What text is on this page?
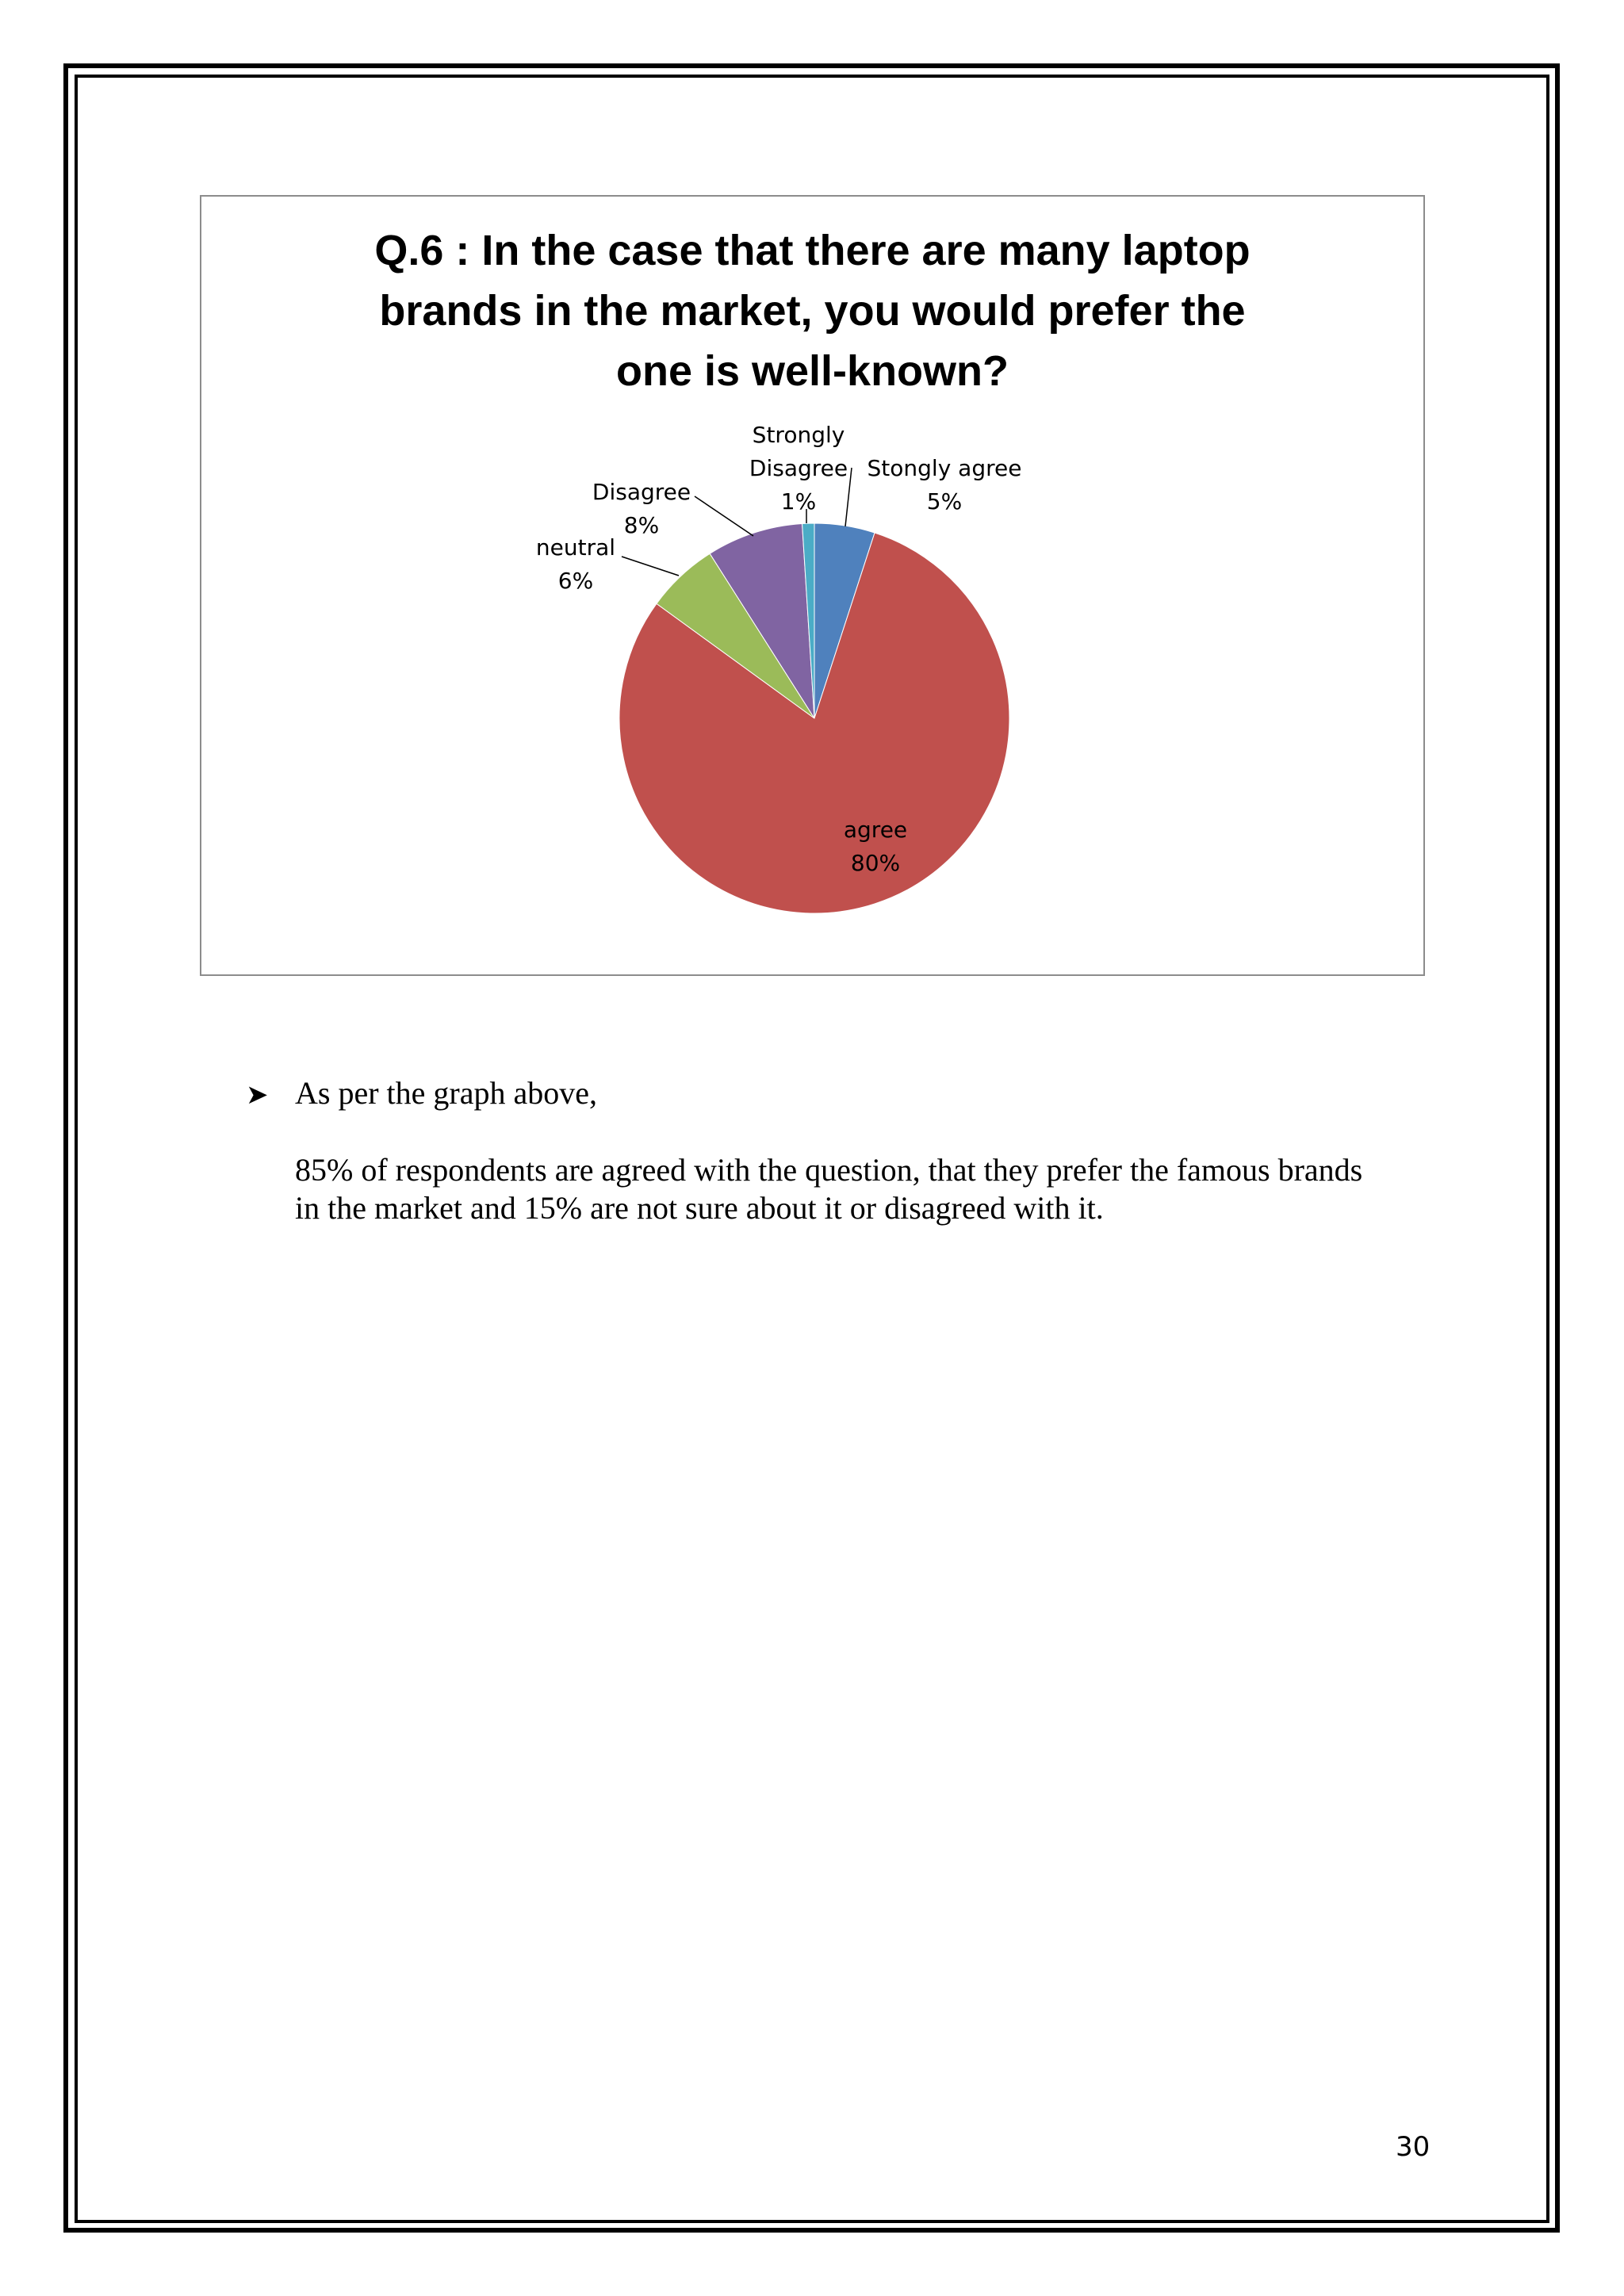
Q.6 : In the case that there are many laptop
brands in the market, you would prefer the
one is well-known?
Stongly agree 5%
agree 80%
neutral 6%
Disagree 8%
Strongly Disagree 1%
➤ As per the graph above,
85% of respondents are agreed with the question, that they prefer the famous brands
in the market and 15% are not sure about it or disagreed with it.
30
